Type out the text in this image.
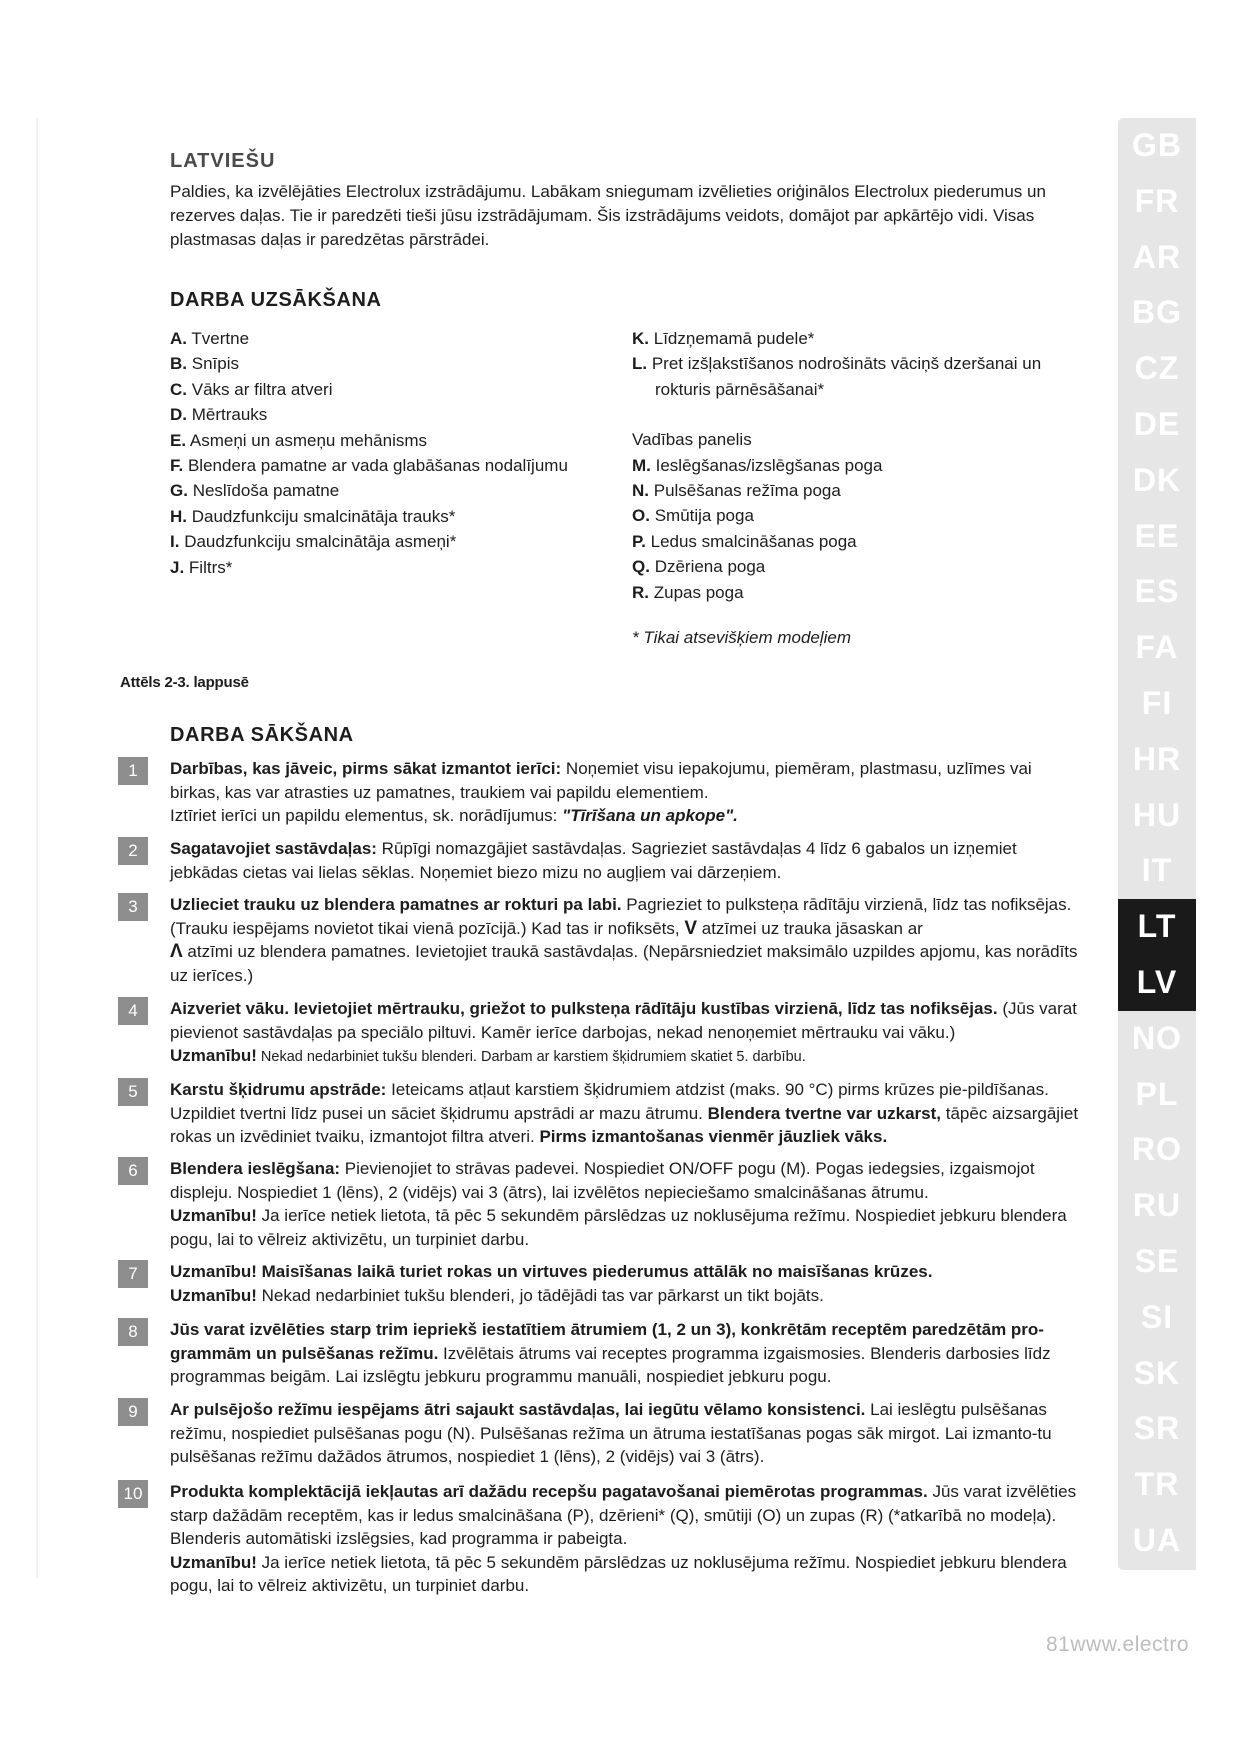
LATVIEŠU

Paldies, ka izvēlējāties Electrolux izstrādājumu. Labākam sniegumam izvēlieties oriģinālos Electrolux piederumus un rezerves daļas. Tie ir paredzēti tieši jūsu izstrādājumam. Šis izstrādājums veidots, domājot par apkārtējo vidi. Visas plastmasas daļas ir paredzētas pārstrādei.

DARBA UZSĀKŠANA
A. Tvertne
B. Snīpis
C. Vāks ar filtra atveri
D. Mērtrauks
E. Asmeņi un asmeņu mehānisms
F. Blendera pamatne ar vada glabāšanas nodalījumu
G. Neslīdoša pamatne
H. Daudzfunkciju smalcinātāja trauks*
I. Daudzfunkciju smalcinātāja asmeņi*
J. Filtrs*
K. Līdzņemamā pudele*
L. Pret izšļakstīšanos nodrošināts vāciņš dzeršanai un rokturis pārnēsāšanai*
Vadības panelis
M. Ieslēgšanas/izslēgšanas poga
N. Pulsēšanas režīma poga
O. Smūtija poga
P. Ledus smalcināšanas poga
Q. Dzēriena poga
R. Zupas poga

* Tikai atsevišķiem modeļiem

Attēls 2-3. lappusē

DARBA SĀKŠANA
1	Darbības, kas jāveic, pirms sākat izmantot ierīci: Noņemiet visu iepakojumu, piemēram, plastmasu, uzlīmes vai birkas, kas var atrasties uz pamatnes, traukiem vai papildu elementiem.
Iztīriet ierīci un papildu elementus, sk. norādījumus: "Tīrīšana un apkope".

2	Sagatavojiet sastāvdaļas: Rūpīgi nomazgājiet sastāvdaļas. Sagrieziet sastāvdaļas 4 līdz 6 gabalos un izņemiet jebkādas cietas vai lielas sēklas. Noņemiet biezo mizu no augļiem vai dārzeņiem.

3	Uzlieciet trauku uz blendera pamatnes ar rokturi pa labi. Pagrieziet to pulksteņa rādītāju virzienā, līdz tas nofiksējas. (Trauku iespējams novietot tikai vienā pozīcijā.) Kad tas ir nofiksēts, V atzīmei uz trauka jāsaskan ar
Λ atzīmi uz blendera pamatnes. Ievietojiet traukā sastāvdaļas. (Nepārsniedziet maksimālo uzpildes apjomu, kas norādīts uz ierīces.)

4	Aizveriet vāku. Ievietojiet mērtrauku, griežot to pulksteņa rādītāju kustības virzienā, līdz tas nofiksējas. (Jūs varat pievienot sastāvdaļas pa speciālo piltuvi. Kamēr ierīce darbojas, nekad nenoņemiet mērtrauku vai vāku.)
Uzmanību! Nekad nedarbiniet tukšu blenderi. Darbam ar karstiem šķidrumiem skatiet 5. darbību.

5	Karstu šķidrumu apstrāde: Ieteicams atļaut karstiem šķidrumiem atdzist (maks. 90 °C) pirms krūzes pie-pildīšanas. Uzpildiet tvertni līdz pusei un sāciet šķidrumu apstrādi ar mazu ātrumu. Blendera tvertne var uzkarst, tāpēc aizsargājiet rokas un izvēdiniet tvaiku, izmantojot filtra atveri. Pirms izmantošanas vienmēr jāuzliek vāks.

6	Blendera ieslēgšana: Pievienojiet to strāvas padevei. Nospiediet ON/OFF pogu (M). Pogas iedegsies, izgaismojot displeju. Nospiediet 1 (lēns), 2 (vidējs) vai 3 (ātrs), lai izvēlētos nepieciešamo smalcināšanas ātrumu.
Uzmanību! Ja ierīce netiek lietota, tā pēc 5 sekundēm pārslēdzas uz noklusējuma režīmu. Nospiediet jebkuru blendera pogu, lai to vēlreiz aktivizētu, un turpiniet darbu.

7	Uzmanību! Maisīšanas laikā turiet rokas un virtuves piederumus attālāk no maisīšanas krūzes.
Uzmanību! Nekad nedarbiniet tukšu blenderi, jo tādējādi tas var pārkarst un tikt bojāts.

8	Jūs varat izvēlēties starp trim iepriekš iestatītiem ātrumiem (1, 2 un 3), konkrētām receptēm paredzētām pro-grammām un pulsēšanas režīmu. Izvēlētais ātrums vai receptes programma izgaismosies. Blenderis darbosies līdz programmas beigām. Lai izslēgtu jebkuru programmu manuāli, nospiediet jebkuru pogu.

9	Ar pulsējošo režīmu iespējams ātri sajaukt sastāvdaļas, lai iegūtu vēlamo konsistenci. Lai ieslēgtu pulsēšanas režīmu, nospiediet pulsēšanas pogu (N). Pulsēšanas režīma un ātruma iestatīšanas pogas sāk mirgot. Lai izmanto-tu pulsēšanas režīmu dažādos ātrumos, nospiediet 1 (lēns), 2 (vidējs) vai 3 (ātrs).

10	Produkta komplektācijā iekļautas arī dažādu recepšu pagatavošanai piemērotas programmas. Jūs varat izvēlēties starp dažādām receptēm, kas ir ledus smalcināšana (P), dzērieni* (Q), smūtiji (O) un zupas (R) (*atkarībā no modeļa). Blenderis automātiski izslēgsies, kad programma ir pabeigta.
Uzmanību! Ja ierīce netiek lietota, tā pēc 5 sekundēm pārslēdzas uz noklusējuma režīmu. Nospiediet jebkuru blendera pogu, lai to vēlreiz aktivizētu, un turpiniet darbu.

GB
FR
AR
BG
CZ
DE
DK
EE
ES
FA
FI
HR
HU
IT
LT
LV
NO
PL
RO
RU
SE
SI
SK
SR
TR
UA

81www.electro
